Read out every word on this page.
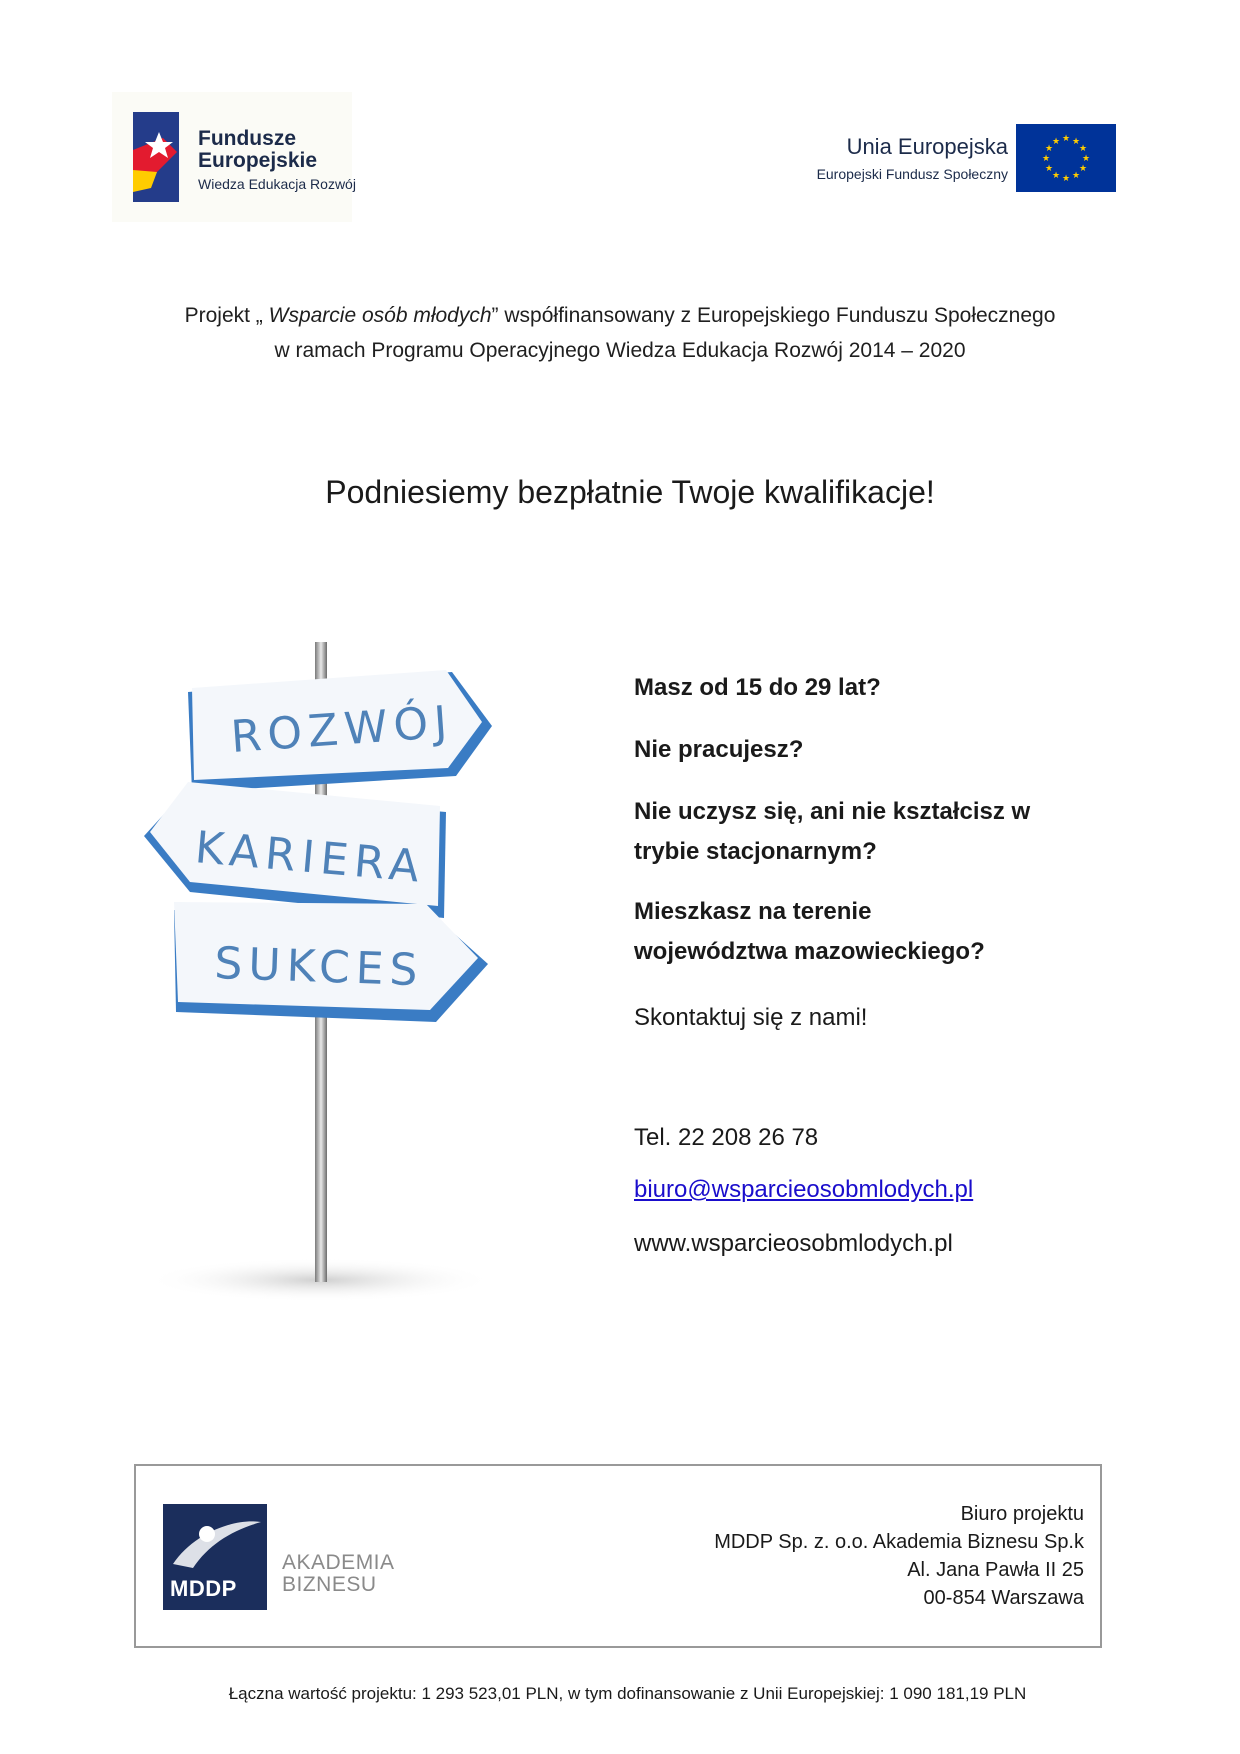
Fundusze
Europejskie
Wiedza Edukacja Rozwój
Unia Europejska
Europejski Fundusz Społeczny
★ ★
★
★
★
★
★
★
★
★
★
★
Projekt „ Wsparcie osób młodych” współfinansowany z Europejskiego Funduszu Społecznego
w ramach Programu Operacyjnego Wiedza Edukacja Rozwój 2014 – 2020
Podniesiemy bezpłatnie Twoje kwalifikacje!
ROZWÓJ
KARIERA
SUKCES
Masz od 15 do 29 lat?
Nie pracujesz?
Nie uczysz się, ani nie kształcisz w
trybie stacjonarnym?
Mieszkasz na terenie
województwa mazowieckiego?
Skontaktuj się z nami!
Tel. 22 208 26 78
biuro@wsparcieosobmlodych.pl
www.wsparcieosobmlodych.pl
MDDP
AKADEMIA
BIZNESU
Biuro projektu
MDDP Sp. z. o.o. Akademia Biznesu Sp.k
Al. Jana Pawła II 25
00-854 Warszawa
Łączna wartość projektu: 1 293 523,01 PLN, w tym dofinansowanie z Unii Europejskiej: 1 090 181,19 PLN
